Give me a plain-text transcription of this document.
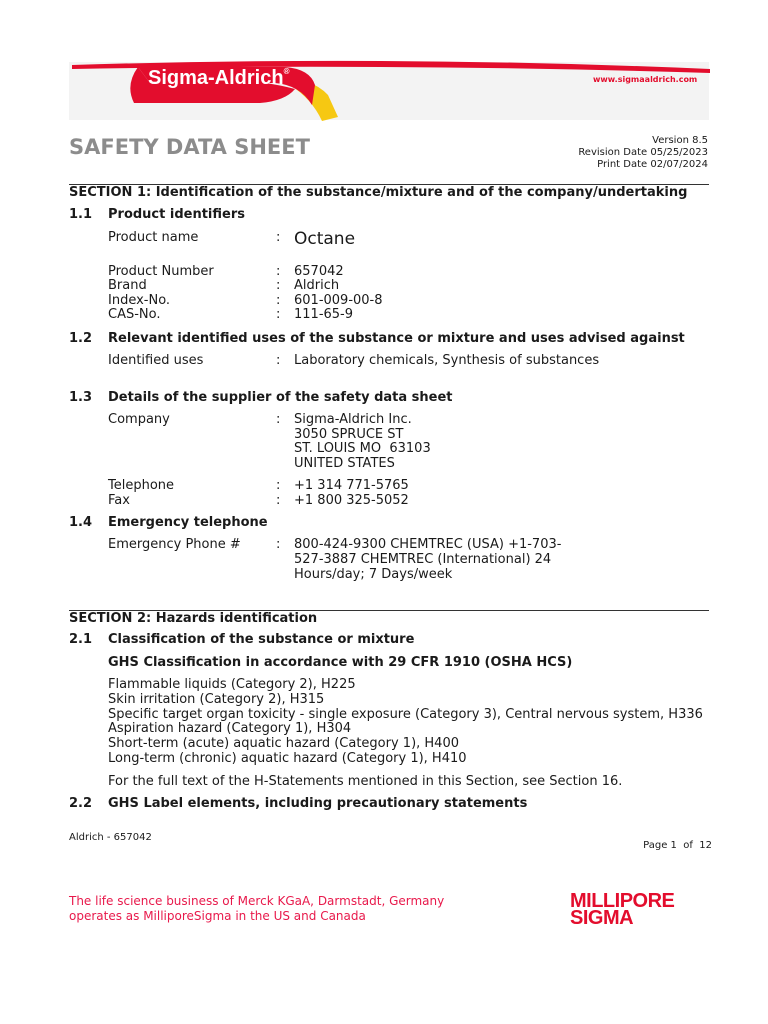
Sigma-Aldrich®
www.sigmaaldrich.com
SAFETY DATA SHEET	Version 8.5
Revision Date 05/25/2023
Print Date 02/07/2024
SECTION 1: Identification of the substance/mixture and of the company/undertaking
1.1 Product identifiers
Product name	: Octane
Product Number	: 657042
Brand	: Aldrich
Index-No.	: 601-009-00-8
CAS-No.	: 111-65-9
1.2 Relevant identified uses of the substance or mixture and uses advised against
Identified uses	: Laboratory chemicals, Synthesis of substances
1.3 Details of the supplier of the safety data sheet
Company	: Sigma-Aldrich Inc.
3050 SPRUCE ST
ST. LOUIS MO  63103
UNITED STATES
Telephone	: +1 314 771-5765
Fax	: +1 800 325-5052
1.4 Emergency telephone
Emergency Phone #	: 800-424-9300 CHEMTREC (USA) +1-703-
527-3887 CHEMTREC (International) 24
Hours/day; 7 Days/week
SECTION 2: Hazards identification
2.1 Classification of the substance or mixture
GHS Classification in accordance with 29 CFR 1910 (OSHA HCS)
Flammable liquids (Category 2), H225
Skin irritation (Category 2), H315
Specific target organ toxicity - single exposure (Category 3), Central nervous system, H336
Aspiration hazard (Category 1), H304
Short-term (acute) aquatic hazard (Category 1), H400
Long-term (chronic) aquatic hazard (Category 1), H410
For the full text of the H-Statements mentioned in this Section, see Section 16.
2.2 GHS Label elements, including precautionary statements
Aldrich - 657042
Page 1  of  12
The life science business of Merck KGaA, Darmstadt, Germany
operates as MilliporeSigma in the US and Canada
MILLIPORE
SIGMA
